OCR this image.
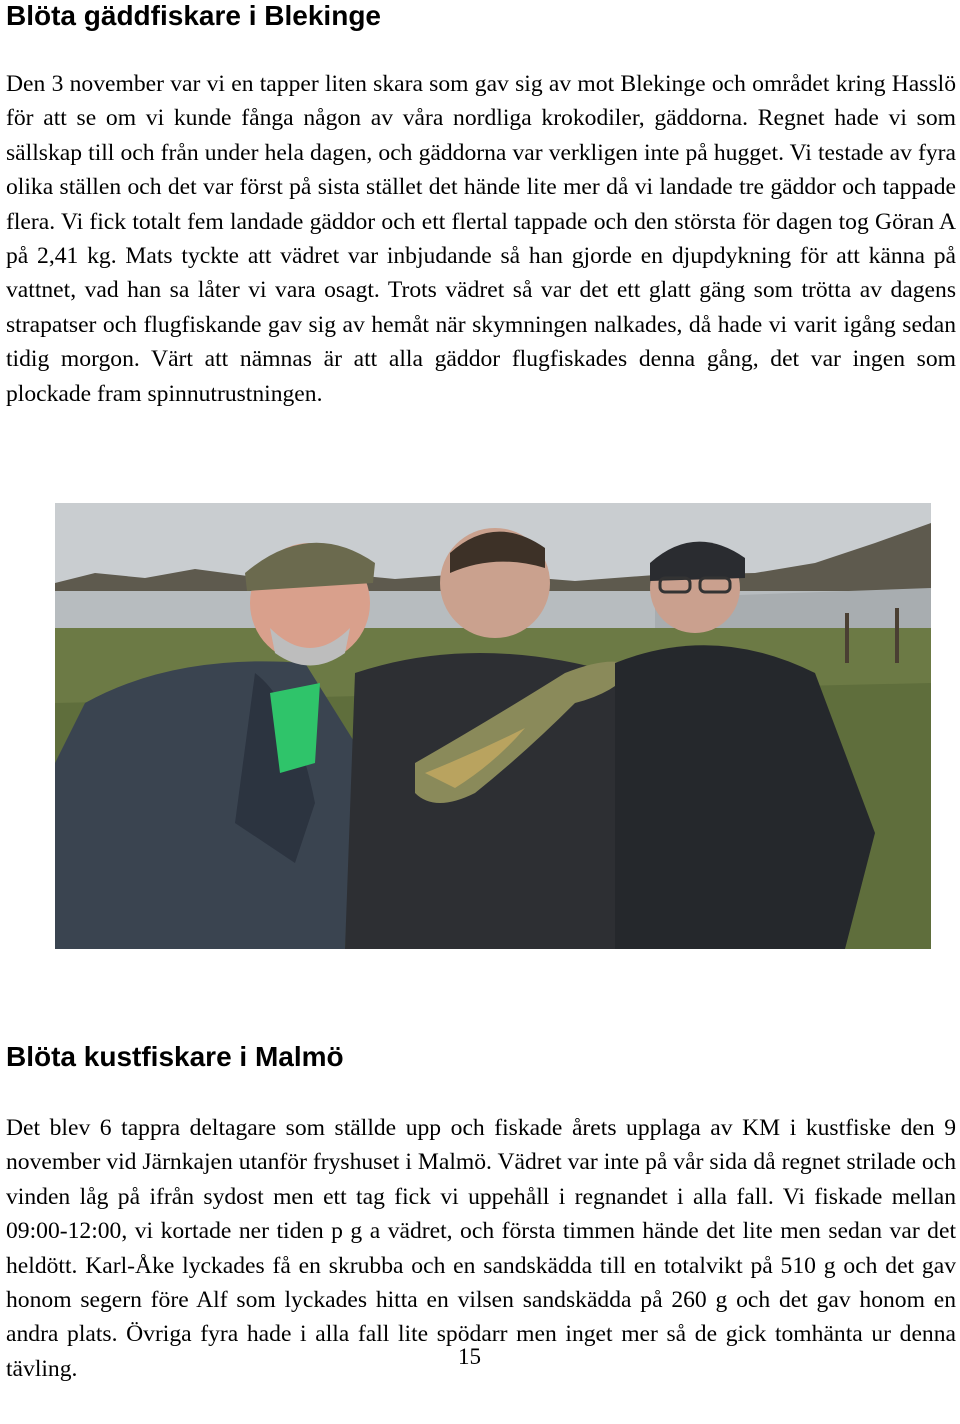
Blöta gäddfiskare i Blekinge

Den 3 november var vi en tapper liten skara som gav sig av mot Blekinge och området kring Hasslö för att se om vi kunde fånga någon av våra nordliga krokodiler, gäddorna. Regnet hade vi som sällskap till och från under hela dagen, och gäddorna var verkligen inte på hugget. Vi testade av fyra olika ställen och det var först på sista stället det hände lite mer då vi landade tre gäddor och tappade flera. Vi fick totalt fem landade gäddor och ett flertal tappade och den största för dagen tog Göran A på 2,41 kg. Mats tyckte att vädret var inbjudande så han gjorde en djupdykning för att känna på vattnet, vad han sa låter vi vara osagt. Trots vädret så var det ett glatt gäng som trötta av dagens strapatser och flugfiskande gav sig av hemåt när skymningen nalkades, då hade vi varit igång sedan tidig morgon. Värt att nämnas är att alla gäddor flugfiskades denna gång, det var ingen som plockade fram spinnutrustningen.

Blöta kustfiskare i Malmö

Det blev 6 tappra deltagare som ställde upp och fiskade årets upplaga av KM i kustfiske den 9 november vid Järnkajen utanför fryshuset i Malmö. Vädret var inte på vår sida då regnet strilade och vinden låg på ifrån sydost men ett tag fick vi uppehåll i regnandet i alla fall. Vi fiskade mellan 09:00-12:00, vi kortade ner tiden p g a vädret, och första timmen hände det lite men sedan var det heldött. Karl-Åke lyckades få en skrubba och en sandskädda till en totalvikt på 510 g och det gav honom segern före Alf som lyckades hitta en vilsen sandskädda på 260 g och det gav honom en andra plats. Övriga fyra hade i alla fall lite spödarr men inget mer så de gick tomhänta ur denna tävling.	15
